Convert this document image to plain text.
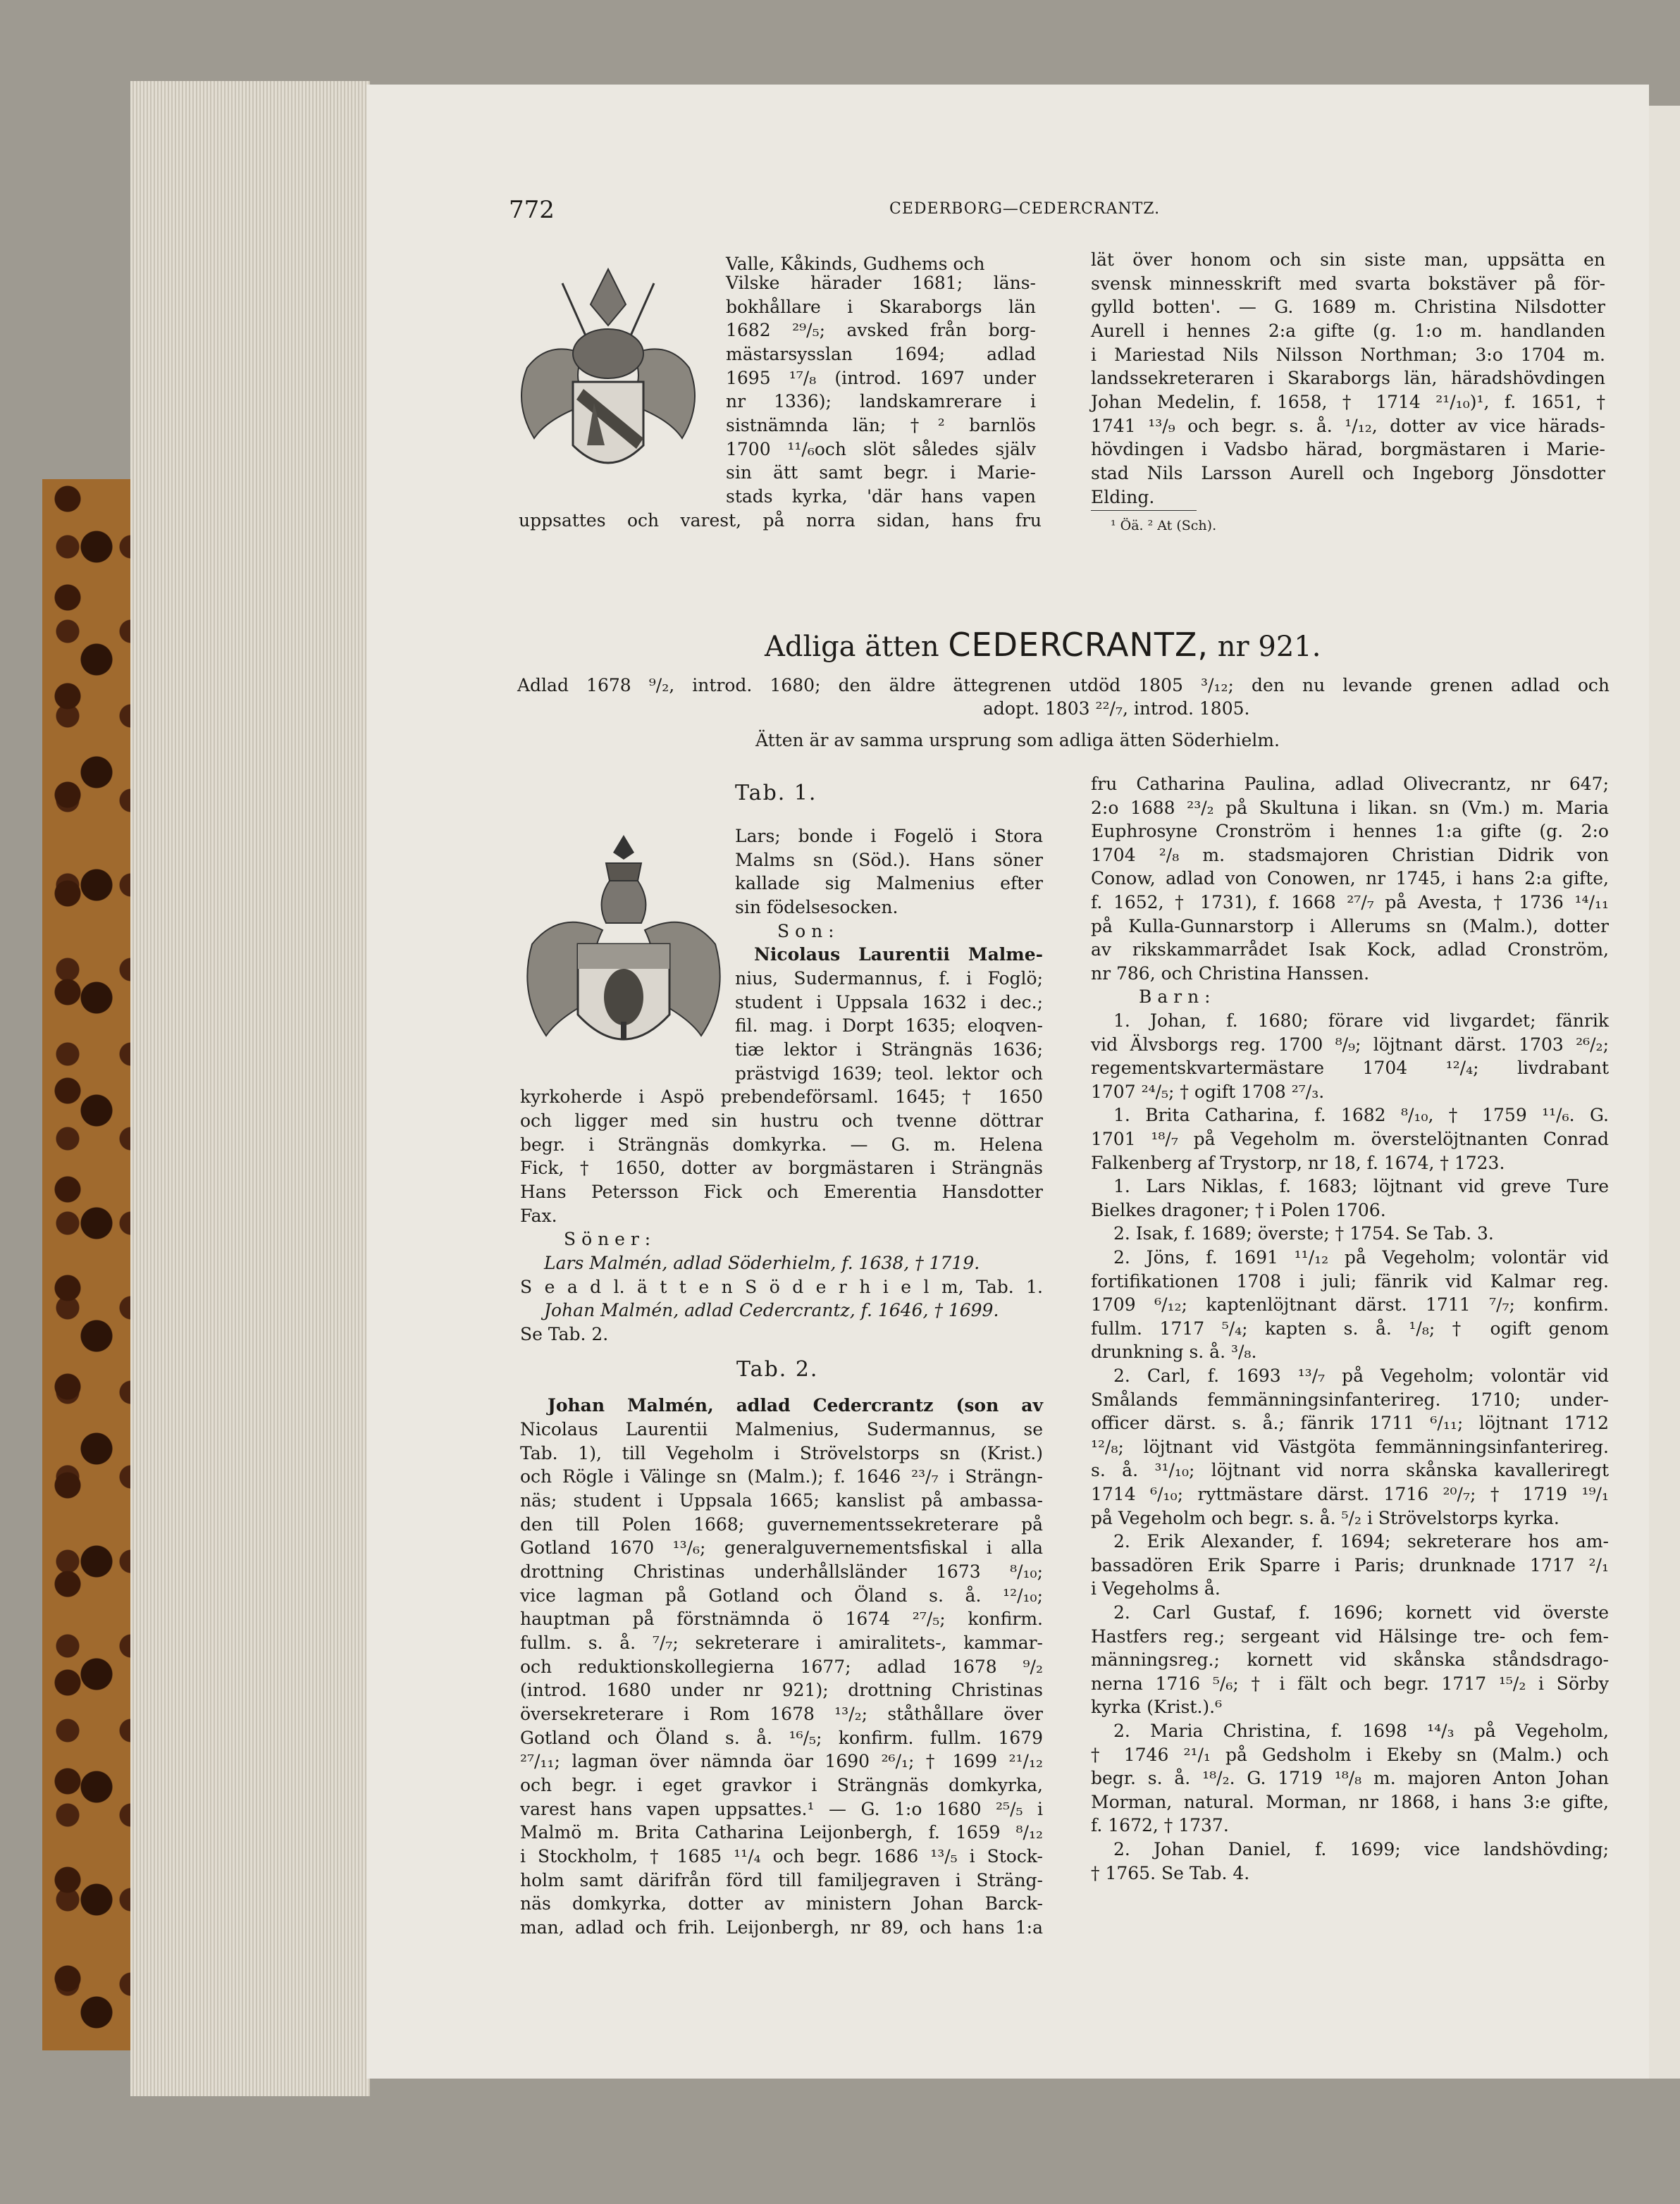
772	CEDERBORG—CEDERCRANTZ.
Valle, Kåkinds, Gudhems och
Vilske härader 1681; läns-
bokhållare i Skaraborgs län
1682 ²⁹/₅; avsked från borg-
mästarsysslan 1694; adlad
1695 ¹⁷/₈ (introd. 1697 under
nr 1336); landskamrerare i
sistnämnda län; †² barnlös
1700 ¹¹/₆och slöt således själv
sin ätt samt begr. i Marie-
stads kyrka, 'där hans vapen
uppsattes och varest, på norra sidan, hans fru
lät över honom och sin siste man, uppsätta en
svensk minnesskrift med svarta bokstäver på för-
gylld botten'. — G. 1689 m. Christina Nilsdotter
Aurell i hennes 2:a gifte (g. 1:o m. handlanden
i Mariestad Nils Nilsson Northman; 3:o 1704 m.
landssekreteraren i Skaraborgs län, häradshövdingen
Johan Medelin, f. 1658, † 1714 ²¹/₁₀)¹, f. 1651, †
1741 ¹³/₉ och begr. s. å. ¹/₁₂, dotter av vice härads-
hövdingen i Vadsbo härad, borgmästaren i Marie-
stad Nils Larsson Aurell och Ingeborg Jönsdotter
Elding.
¹ Öä. ² At (Sch).
Adliga ätten CEDERCRANTZ, nr 921.
Adlad 1678 ⁹/₂, introd. 1680; den äldre ättegrenen utdöd 1805 ³/₁₂; den nu levande grenen adlad och
adopt. 1803 ²²/₇, introd. 1805.
Ätten är av samma ursprung som adliga ätten Söderhielm.
Tab. 1.
Lars; bonde i Fogelö i Stora
Malms sn (Söd.). Hans söner
kallade sig Malmenius efter
sin födelsesocken.
S o n :
Nicolaus Laurentii Malme-
nius, Sudermannus, f. i Foglö;
student i Uppsala 1632 i dec.;
fil. mag. i Dorpt 1635; eloqven-
tiæ lektor i Strängnäs 1636;
prästvigd 1639; teol. lektor och
kyrkoherde i Aspö prebendeförsaml. 1645; † 1650
och ligger med sin hustru och tvenne döttrar
begr. i Strängnäs domkyrka. — G. m. Helena
Fick, † 1650, dotter av borgmästaren i Strängnäs
Hans Petersson Fick och Emerentia Hansdotter
Fax.
S ö n e r :
Lars Malmén, adlad Söderhielm, f. 1638, † 1719.
S e a d l. ä t t e n S ö d e r h i e l m, Tab. 1.
Johan Malmén, adlad Cedercrantz, f. 1646, † 1699.
Se Tab. 2.
Tab. 2.
Johan Malmén, adlad Cedercrantz (son av
Nicolaus Laurentii Malmenius, Sudermannus, se
Tab. 1), till Vegeholm i Strövelstorps sn (Krist.)
och Rögle i Välinge sn (Malm.); f. 1646 ²³/₇ i Strängn-
näs; student i Uppsala 1665; kanslist på ambassa-
den till Polen 1668; guvernementssekreterare på
Gotland 1670 ¹³/₆; generalguvernementsfiskal i alla
drottning Christinas underhållsländer 1673 ⁸/₁₀;
vice lagman på Gotland och Öland s. å. ¹²/₁₀;
hauptman på förstnämnda ö 1674 ²⁷/₅; konfirm.
fullm. s. å. ⁷/₇; sekreterare i amiralitets-, kammar-
och reduktionskollegierna 1677; adlad 1678 ⁹/₂
(introd. 1680 under nr 921); drottning Christinas
översekreterare i Rom 1678 ¹³/₂; ståthållare över
Gotland och Öland s. å. ¹⁶/₅; konfirm. fullm. 1679
²⁷/₁₁; lagman över nämnda öar 1690 ²⁶/₁; † 1699 ²¹/₁₂
och begr. i eget gravkor i Strängnäs domkyrka,
varest hans vapen uppsattes.¹ — G. 1:o 1680 ²⁵/₅ i
Malmö m. Brita Catharina Leijonbergh, f. 1659 ⁸/₁₂
i Stockholm, † 1685 ¹¹/₄ och begr. 1686 ¹³/₅ i Stock-
holm samt därifrån förd till familjegraven i Sträng-
näs domkyrka, dotter av ministern Johan Barck-
man, adlad och frih. Leijonbergh, nr 89, och hans 1:a
fru Catharina Paulina, adlad Olivecrantz, nr 647;
2:o 1688 ²³/₂ på Skultuna i likan. sn (Vm.) m. Maria
Euphrosyne Cronström i hennes 1:a gifte (g. 2:o
1704 ²/₈ m. stadsmajoren Christian Didrik von
Conow, adlad von Conowen, nr 1745, i hans 2:a gifte,
f. 1652, † 1731), f. 1668 ²⁷/₇ på Avesta, † 1736 ¹⁴/₁₁
på Kulla-Gunnarstorp i Allerums sn (Malm.), dotter
av rikskammarrådet Isak Kock, adlad Cronström,
nr 786, och Christina Hanssen.
B a r n :
1. Johan, f. 1680; förare vid livgardet; fänrik
vid Älvsborgs reg. 1700 ⁸/₉; löjtnant därst. 1703 ²⁶/₂;
regementskvartermästare 1704 ¹²/₄; livdrabant
1707 ²⁴/₅; † ogift 1708 ²⁷/₃.
1. Brita Catharina, f. 1682 ⁸/₁₀, † 1759 ¹¹/₆. G.
1701 ¹⁸/₇ på Vegeholm m. överstelöjtnanten Conrad
Falkenberg af Trystorp, nr 18, f. 1674, † 1723.
1. Lars Niklas, f. 1683; löjtnant vid greve Ture
Bielkes dragoner; † i Polen 1706.
2. Isak, f. 1689; överste; † 1754. Se Tab. 3.
2. Jöns, f. 1691 ¹¹/₁₂ på Vegeholm; volontär vid
fortifikationen 1708 i juli; fänrik vid Kalmar reg.
1709 ⁶/₁₂; kaptenlöjtnant därst. 1711 ⁷/₇; konfirm.
fullm. 1717 ⁵/₄; kapten s. å. ¹/₈; † ogift genom
drunkning s. å. ³/₈.
2. Carl, f. 1693 ¹³/₇ på Vegeholm; volontär vid
Smålands femmänningsinfanterireg. 1710; under-
officer därst. s. å.; fänrik 1711 ⁶/₁₁; löjtnant 1712
¹²/₈; löjtnant vid Västgöta femmänningsinfanterireg.
s. å. ³¹/₁₀; löjtnant vid norra skånska kavalleriregt
1714 ⁶/₁₀; ryttmästare därst. 1716 ²⁰/₇; † 1719 ¹⁹/₁
på Vegeholm och begr. s. å. ⁵/₂ i Strövelstorps kyrka.
2. Erik Alexander, f. 1694; sekreterare hos am-
bassadören Erik Sparre i Paris; drunknade 1717 ²/₁
i Vegeholms å.
2. Carl Gustaf, f. 1696; kornett vid överste
Hastfers reg.; sergeant vid Hälsinge tre- och fem-
männingsreg.; kornett vid skånska ståndsdrago-
nerna 1716 ⁵/₆; † i fält och begr. 1717 ¹⁵/₂ i Sörby
kyrka (Krist.).⁶
2. Maria Christina, f. 1698 ¹⁴/₃ på Vegeholm,
† 1746 ²¹/₁ på Gedsholm i Ekeby sn (Malm.) och
begr. s. å. ¹⁸/₂. G. 1719 ¹⁸/₈ m. majoren Anton Johan
Morman, natural. Morman, nr 1868, i hans 3:e gifte,
f. 1672, † 1737.
2. Johan Daniel, f. 1699; vice landshövding;
† 1765. Se Tab. 4.
